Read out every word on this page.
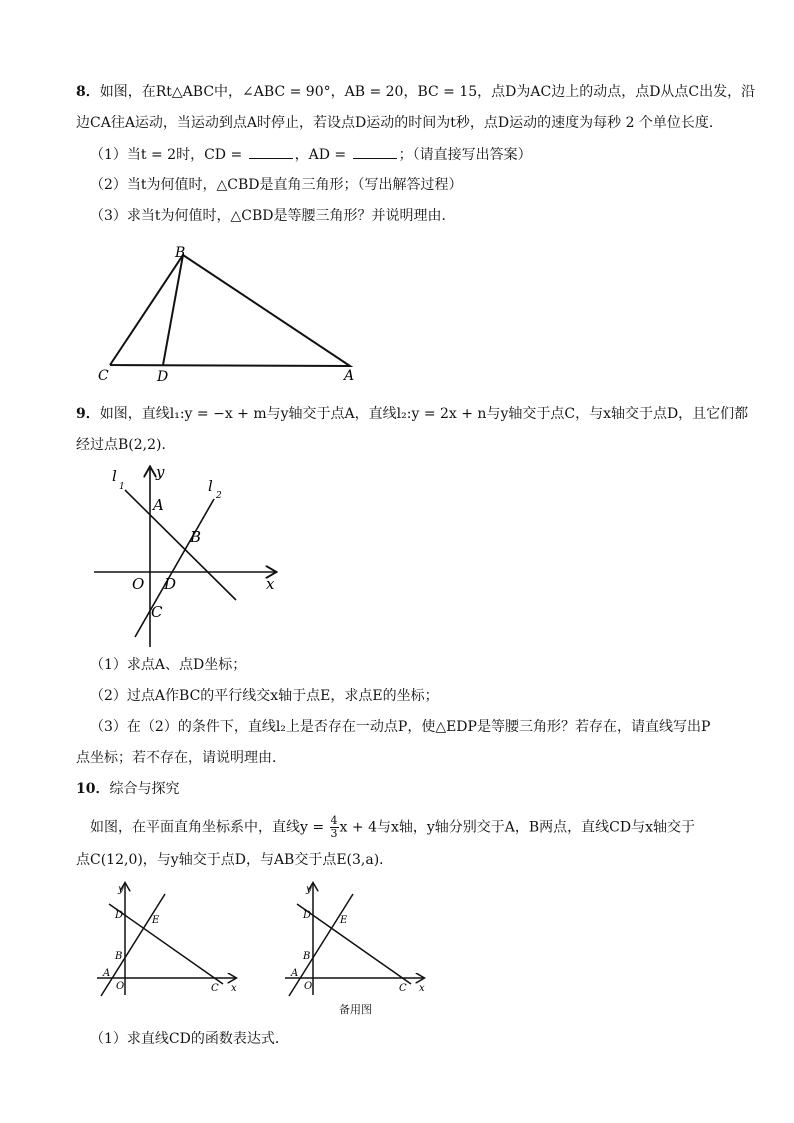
8．如图，在Rt△ABC中，∠ABC = 90°，AB = 20，BC = 15，点D为AC边上的动点，点D从点C出发，沿
边CA往A运动，当运动到点A时停止，若设点D运动的时间为t秒，点D运动的速度为每秒 2 个单位长度．
（1）当t = 2时，CD =	，AD =	；（请直接写出答案）
（2）当t为何值时，△CBD是直角三角形；（写出解答过程）
（3）求当t为何值时，△CBD是等腰三角形？并说明理由．
B
C	D	A
9．如图，直线l₁:y = −x + m与y轴交于点A，直线l₂:y = 2x + n与y轴交于点C，与x轴交于点D，且它们都
经过点B(2,2)．
l
1	l
2
y
x
A
B
O D
C
（1）求点A、点D坐标；
（2）过点A作BC的平行线交x轴于点E，求点E的坐标；
（3）在（2）的条件下，直线l₂上是否存在一动点P，使△EDP是等腰三角形？若存在，请直线写出P
点坐标；若不存在，请说明理由．
10．综合与探究
如图，在平面直角坐标系中，直线$y = \frac{4}{3}$ x + 4与x轴，y轴分别交于A，B两点，直线CD与x轴交于
点C(12,0)，与y轴交于点D，与AB交于点E(3,a)．
y
x
D	E
B
A
O	C
y
x
D	E
B
A
O	C
备用图
（1）求直线CD的函数表达式．
